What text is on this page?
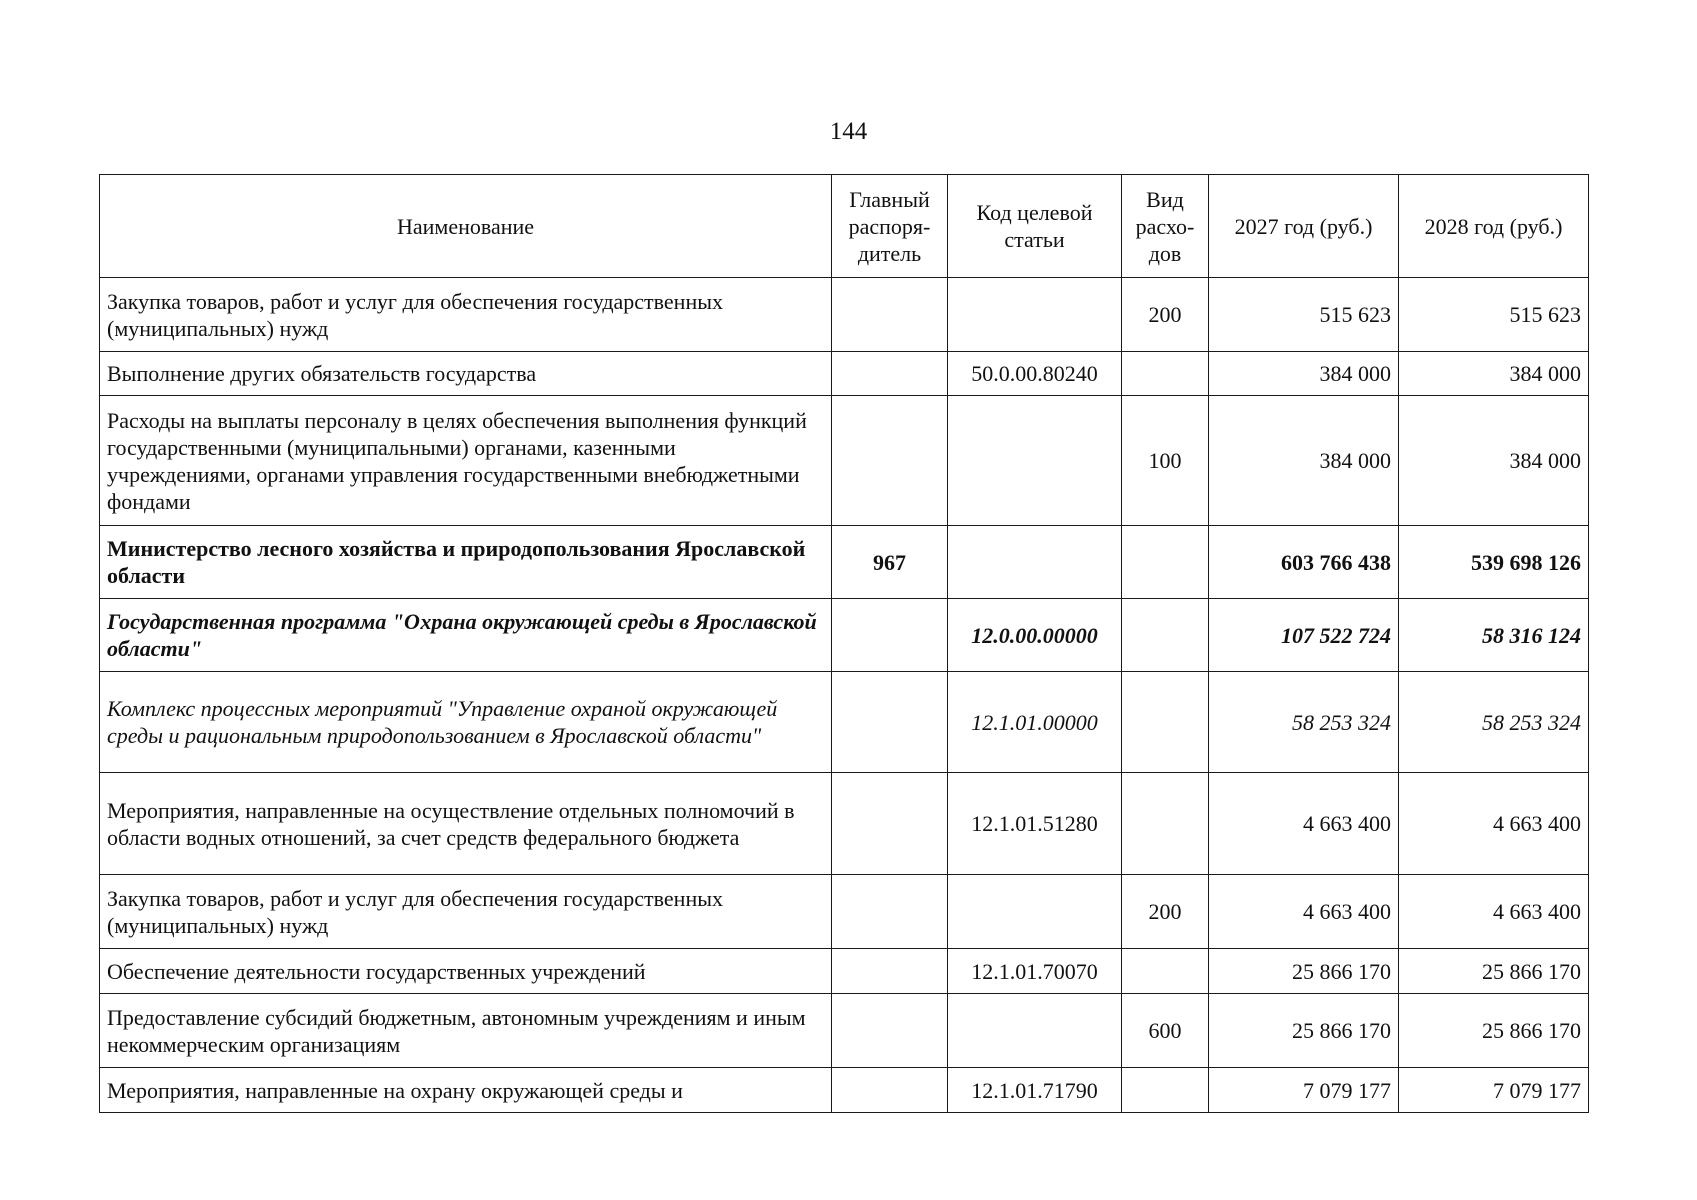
144
Наименование	Главный распоря-дитель	Код целевой статьи	Вид расхо-дов	2027 год (руб.)	2028 год (руб.)
Закупка товаров, работ и услуг для обеспечения государственных (муниципальных) нужд			200	515 623	515 623
Выполнение других обязательств государства		50.0.00.80240		384 000	384 000
Расходы на выплаты персоналу в целях обеспечения выполнения функций государственными (муниципальными) органами, казенными учреждениями, органами управления государственными внебюджетными фондами			100	384 000	384 000
Министерство лесного хозяйства и природопользования Ярославской области	967			603 766 438	539 698 126
Государственная программа "Охрана окружающей среды в Ярославской области"		12.0.00.00000		107 522 724	58 316 124
Комплекс процессных мероприятий "Управление охраной окружающей среды и рациональным природопользованием в Ярославской области"		12.1.01.00000		58 253 324	58 253 324
Мероприятия, направленные на осуществление отдельных полномочий в области водных отношений, за счет средств федерального бюджета		12.1.01.51280		4 663 400	4 663 400
Закупка товаров, работ и услуг для обеспечения государственных (муниципальных) нужд			200	4 663 400	4 663 400
Обеспечение деятельности государственных учреждений		12.1.01.70070		25 866 170	25 866 170
Предоставление субсидий бюджетным, автономным учреждениям и иным некоммерческим организациям			600	25 866 170	25 866 170
Мероприятия, направленные на охрану окружающей среды и		12.1.01.71790		7 079 177	7 079 177
